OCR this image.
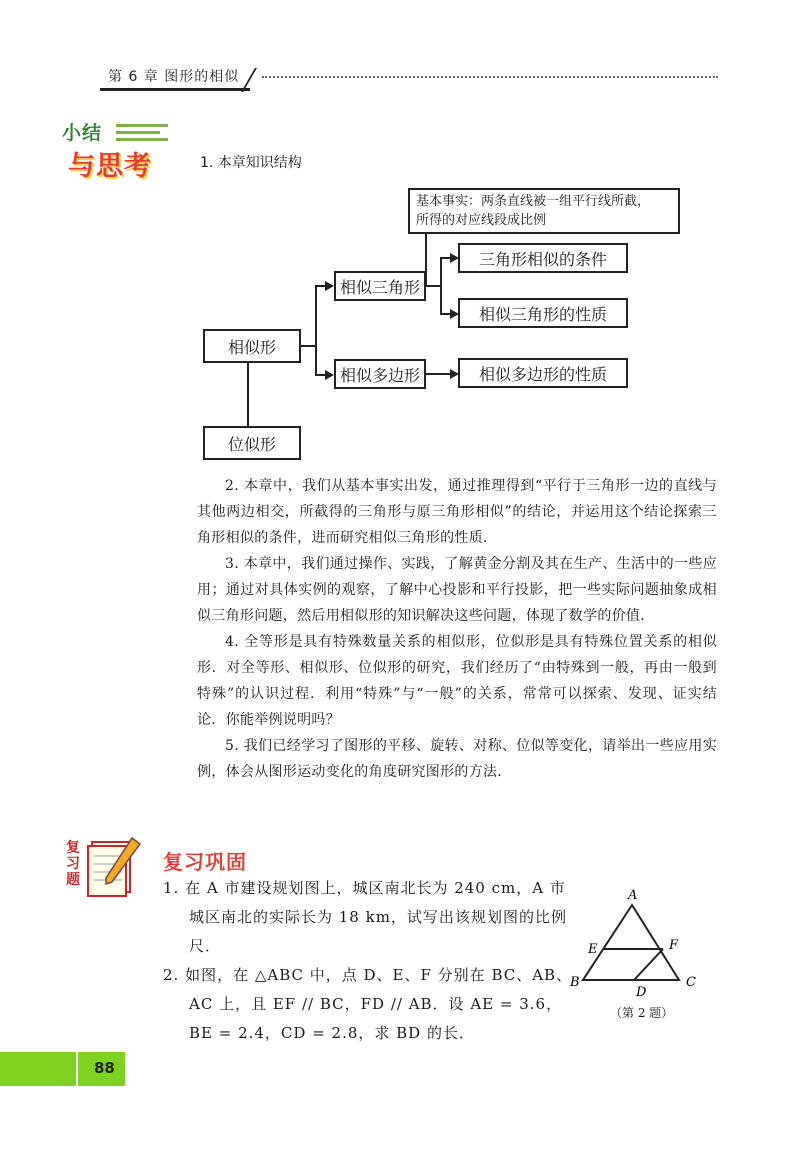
第 6 章 图形的相似
小结
与思考	1. 本章知识结构
基本事实：两条直线被一组平行线所截，
所得的对应线段成比例
相似形
相似三角形
三角形相似的条件
相似三角形的性质
相似多边形	相似多边形的性质
位似形

2. 本章中，我们从基本事实出发，通过推理得到“平行于三角形一边的直线与其他两边相交，所截得的三角形与原三角形相似”的结论，并运用这个结论探索三角形相似的条件，进而研究相似三角形的性质．

3. 本章中，我们通过操作、实践，了解黄金分割及其在生产、生活中的一些应用；通过对具体实例的观察，了解中心投影和平行投影，把一些实际问题抽象成相似三角形问题，然后用相似形的知识解决这些问题，体现了数学的价值．

4. 全等形是具有特殊数量关系的相似形，位似形是具有特殊位置关系的相似形．对全等形、相似形、位似形的研究，我们经历了“由特殊到一般，再由一般到特殊”的认识过程．利用“特殊”与“一般”的关系，常常可以探索、发现、证实结论．你能举例说明吗？

5. 我们已经学习了图形的平移、旋转、对称、位似等变化，请举出一些应用实例，体会从图形运动变化的角度研究图形的方法．

复习题
复习巩固

1. 在 A 市建设规划图上，城区南北长为 240 cm，A 市城区南北的实际长为 18 km，试写出该规划图的比例尺．

2. 如图，在 △ABC 中，点 D、E、F 分别在 BC、AB、AC 上，且 EF // BC，FD // AB．设 AE = 3.6，BE = 2.4，CD = 2.8，求 BD 的长．

A
E	F
B	C
D
（第 2 题）
88
